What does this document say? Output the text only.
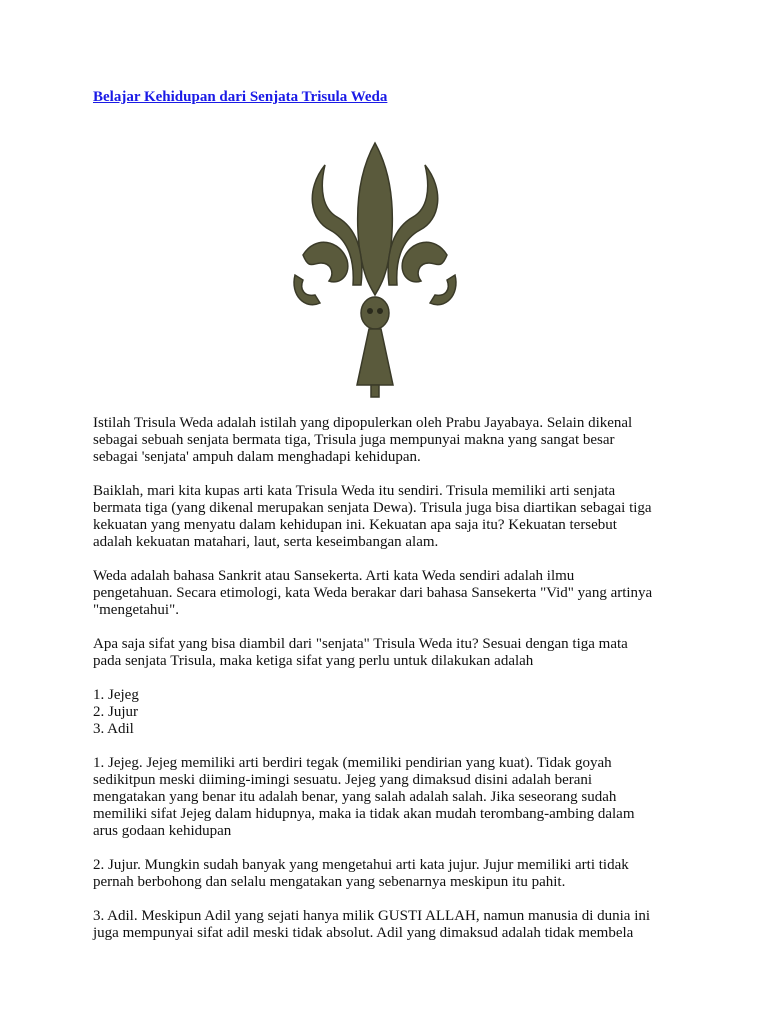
Belajar Kehidupan dari Senjata Trisula Weda
Istilah Trisula Weda adalah istilah yang dipopulerkan oleh Prabu Jayabaya. Selain dikenal
sebagai sebuah senjata bermata tiga, Trisula juga mempunyai makna yang sangat besar
sebagai 'senjata' ampuh dalam menghadapi kehidupan.
Baiklah, mari kita kupas arti kata Trisula Weda itu sendiri. Trisula memiliki arti senjata
bermata tiga (yang dikenal merupakan senjata Dewa). Trisula juga bisa diartikan sebagai tiga
kekuatan yang menyatu dalam kehidupan ini. Kekuatan apa saja itu? Kekuatan tersebut
adalah kekuatan matahari, laut, serta keseimbangan alam.
Weda adalah bahasa Sankrit atau Sansekerta. Arti kata Weda sendiri adalah ilmu
pengetahuan. Secara etimologi, kata Weda berakar dari bahasa Sansekerta "Vid" yang artinya
"mengetahui".
Apa saja sifat yang bisa diambil dari "senjata" Trisula Weda itu? Sesuai dengan tiga mata
pada senjata Trisula, maka ketiga sifat yang perlu untuk dilakukan adalah
1. Jejeg
2. Jujur
3. Adil
1. Jejeg. Jejeg memiliki arti berdiri tegak (memiliki pendirian yang kuat). Tidak goyah
sedikitpun meski diiming-imingi sesuatu. Jejeg yang dimaksud disini adalah berani
mengatakan yang benar itu adalah benar, yang salah adalah salah. Jika seseorang sudah
memiliki sifat Jejeg dalam hidupnya, maka ia tidak akan mudah terombang-ambing dalam
arus godaan kehidupan
2. Jujur. Mungkin sudah banyak yang mengetahui arti kata jujur. Jujur memiliki arti tidak
pernah berbohong dan selalu mengatakan yang sebenarnya meskipun itu pahit.
3. Adil. Meskipun Adil yang sejati hanya milik GUSTI ALLAH, namun manusia di dunia ini
juga mempunyai sifat adil meski tidak absolut. Adil yang dimaksud adalah tidak membela
